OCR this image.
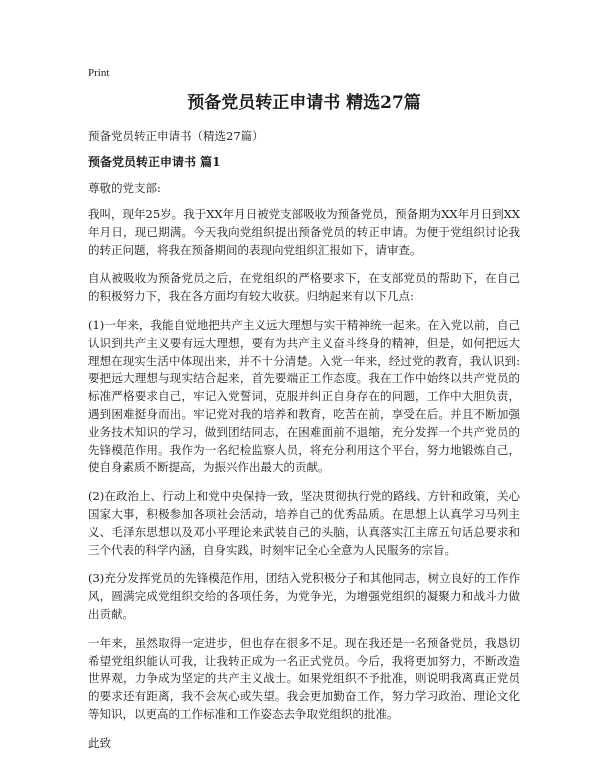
Print
预备党员转正申请书 精选27篇
预备党员转正申请书（精选27篇）
预备党员转正申请书 篇1
尊敬的党支部:

我叫，现年25岁。我于XX年月日被党支部吸收为预备党员，预备期为XX年月日到XX年月日，现已期满。今天我向党组织提出预备党员的转正申请。为便于党组织讨论我的转正问题，将我在预备期间的表现向党组织汇报如下，请审查。

自从被吸收为预备党员之后，在党组织的严格要求下，在支部党员的帮助下，在自己的积极努力下，我在各方面均有较大收获。归纳起来有以下几点:

(1)一年来，我能自觉地把共产主义远大理想与实干精神统一起来。在入党以前，自己认识到共产主义要有远大理想，要有为共产主义奋斗终身的精神，但是，如何把远大理想在现实生活中体现出来，并不十分清楚。入党一年来，经过党的教育，我认识到:要把远大理想与现实结合起来，首先要端正工作态度。我在工作中始终以共产党员的标准严格要求自己，牢记入党誓词，克服并纠正自身存在的问题，工作中大胆负责，遇到困难挺身而出。牢记党对我的培养和教育，吃苦在前，享受在后。并且不断加强业务技术知识的学习，做到团结同志，在困难面前不退缩，充分发挥一个共产党员的先锋模范作用。我作为一名纪检监察人员，将充分利用这个平台，努力地锻炼自己，使自身素质不断提高，为振兴作出最大的贡献。

(2)在政治上、行动上和党中央保持一致，坚决贯彻执行党的路线、方针和政策，关心国家大事，积极参加各项社会活动，培养自己的优秀品质。在思想上认真学习马列主义、毛泽东思想以及邓小平理论来武装自己的头脑，认真落实江主席五句话总要求和三个代表的科学内涵，自身实践，时刻牢记全心全意为人民服务的宗旨。

(3)充分发挥党员的先锋模范作用，团结入党积极分子和其他同志，树立良好的工作作风，圆满完成党组织交给的各项任务，为党争光，为增强党组织的凝聚力和战斗力做出贡献。

一年来，虽然取得一定进步，但也存在很多不足。现在我还是一名预备党员，我恳切希望党组织能认可我，让我转正成为一名正式党员。今后，我将更加努力，不断改造世界观，力争成为坚定的共产主义战士。如果党组织不予批准，则说明我离真正党员的要求还有距离，我不会灰心或失望。我会更加勤奋工作，努力学习政治、理论文化等知识，以更高的工作标准和工作姿态去争取党组织的批准。

此致
